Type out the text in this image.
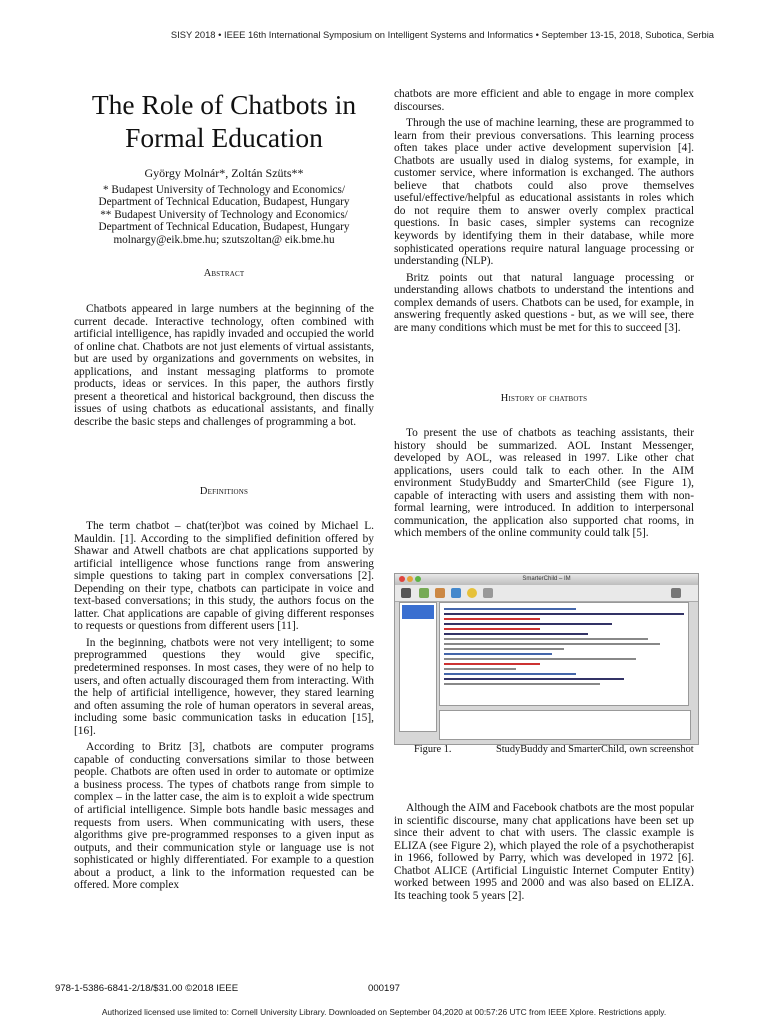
SISY 2018 • IEEE 16th International Symposium on Intelligent Systems and Informatics • September 13-15, 2018, Subotica, Serbia
The Role of Chatbots in
Formal Education
György Molnár*, Zoltán Szüts**
* Budapest University of Technology and Economics/
Department of Technical Education, Budapest, Hungary
** Budapest University of Technology and Economics/
Department of Technical Education, Budapest, Hungary
molnargy@eik.bme.hu; szutszoltan@ eik.bme.hu
Abstract

Chatbots appeared in large numbers at the beginning of the current decade. Interactive technology, often combined with artificial intelligence, has rapidly invaded and occupied the world of online chat. Chatbots are not just elements of virtual assistants, but are used by organizations and governments on websites, in applications, and instant messaging platforms to promote products, ideas or services. In this paper, the authors firstly present a theoretical and historical background, then discuss the issues of using chatbots as educational assistants, and finally describe the basic steps and challenges of programming a bot.

Definitions

The term chatbot – chat(ter)bot was coined by Michael L. Mauldin. [1]. According to the simplified definition offered by Shawar and Atwell chatbots are chat applications supported by artificial intelligence whose functions range from answering simple questions to taking part in complex conversations [2]. Depending on their type, chatbots can participate in voice and text-based conversations; in this study, the authors focus on the latter. Chat applications are capable of giving different responses to requests or questions from different users [11].

In the beginning, chatbots were not very intelligent; to some preprogrammed questions they would give specific, predetermined responses. In most cases, they were of no help to users, and often actually discouraged them from interacting. With the help of artificial intelligence, however, they stared learning and often assuming the role of human operators in several areas, including some basic communication tasks in education [15], [16].

According to Britz [3], chatbots are computer programs capable of conducting conversations similar to those between people. Chatbots are often used in order to automate or optimize a business process. The types of chatbots range from simple to complex – in the latter case, the aim is to exploit a wide spectrum of artificial intelligence. Simple bots handle basic messages and requests from users. When communicating with users, these algorithms give pre-programmed responses to a given input as outputs, and their communication style or language use is not sophisticated or highly differentiated. For example to a question about a product, a link to the information requested can be offered. More complex

chatbots are more efficient and able to engage in more complex discourses.

Through the use of machine learning, these are programmed to learn from their previous conversations. This learning process often takes place under active development supervision [4]. Chatbots are usually used in dialog systems, for example, in customer service, where information is exchanged. The authors believe that chatbots could also prove themselves useful/effective/helpful as educational assistants in roles which do not require them to answer overly complex practical questions. In basic cases, simpler systems can recognize keywords by identifying them in their database, while more sophisticated operations require natural language processing or understanding (NLP).

Britz points out that natural language processing or understanding allows chatbots to understand the intentions and complex demands of users. Chatbots can be used, for example, in answering frequently asked questions - but, as we will see, there are many conditions which must be met for this to succeed [3].

History of chatbots

To present the use of chatbots as teaching assistants, their history should be summarized. AOL Instant Messenger, developed by AOL, was released in 1997. Like other chat applications, users could talk to each other. In the AIM environment StudyBuddy and SmarterChild (see Figure 1), capable of interacting with users and assisting them with non-formal learning, were introduced. In addition to interpersonal communication, the application also supported chat rooms, in which members of the online community could talk [5].

SmarterChild – IM
Figure 1.	StudyBuddy and SmarterChild, own screenshot

Although the AIM and Facebook chatbots are the most popular in scientific discourse, many chat applications have been set up since their advent to chat with users. The classic example is ELIZA (see Figure 2), which played the role of a psychotherapist in 1966, followed by Parry, which was developed in 1972 [6]. Chatbot ALICE (Artificial Linguistic Internet Computer Entity) worked between 1995 and 2000 and was also based on ELIZA. Its teaching took 5 years [2].

978-1-5386-6841-2/18/$31.00 ©2018 IEEE	000197
Authorized licensed use limited to: Cornell University Library. Downloaded on September 04,2020 at 00:57:26 UTC from IEEE Xplore. Restrictions apply.
